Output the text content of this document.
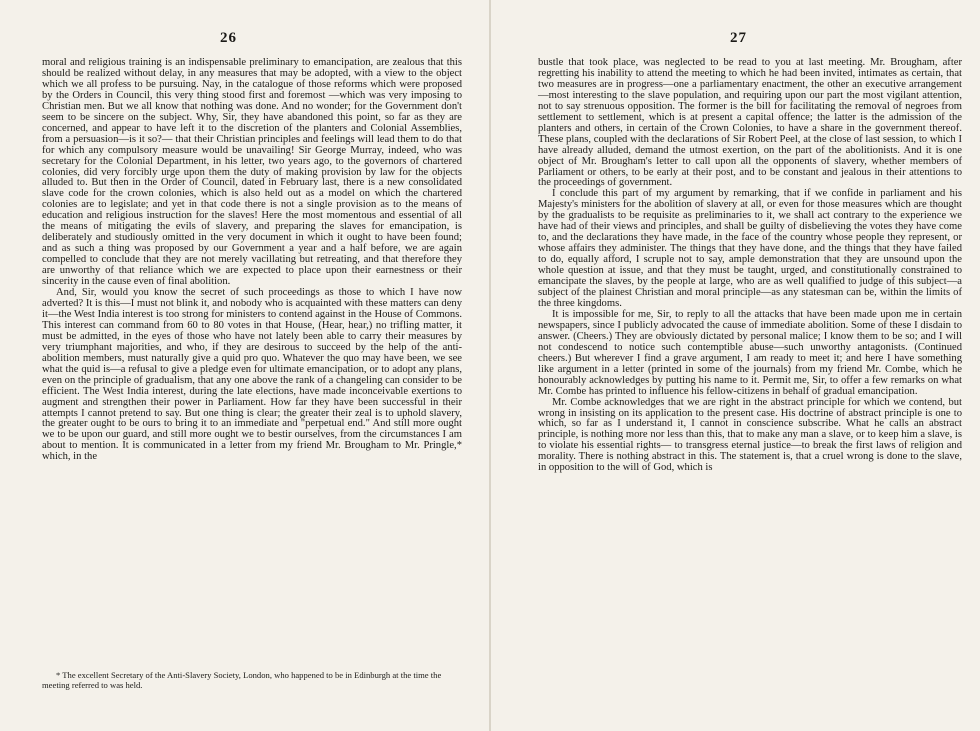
26

moral and religious training is an indispensable preliminary to emancipation, are zealous that this should be realized without delay, in any measures that may be adopted, with a view to the object which we all profess to be pursuing. Nay, in the catalogue of those reforms which were proposed by the Orders in Council, this very thing stood first and foremost —which was very imposing to Christian men. But we all know that nothing was done. And no wonder; for the Government don't seem to be sincere on the subject. Why, Sir, they have abandoned this point, so far as they are concerned, and appear to have left it to the discretion of the planters and Colonial Assemblies, from a persuasion—is it so?— that their Christian principles and feelings will lead them to do that for which any compulsory measure would be unavailing! Sir George Murray, indeed, who was secretary for the Colonial Department, in his letter, two years ago, to the governors of chartered colonies, did very forcibly urge upon them the duty of making provision by law for the objects alluded to. But then in the Order of Council, dated in February last, there is a new consolidated slave code for the crown colonies, which is also held out as a model on which the chartered colonies are to legislate; and yet in that code there is not a single provision as to the means of education and religious instruction for the slaves! Here the most momentous and essential of all the means of mitigating the evils of slavery, and preparing the slaves for emancipation, is deliberately and studiously omitted in the very document in which it ought to have been found; and as such a thing was proposed by our Government a year and a half before, we are again compelled to conclude that they are not merely vacillating but retreating, and that therefore they are unworthy of that reliance which we are expected to place upon their earnestness or their sincerity in the cause even of final abolition.

And, Sir, would you know the secret of such proceedings as those to which I have now adverted? It is this—I must not blink it, and nobody who is acquainted with these matters can deny it—the West India interest is too strong for ministers to contend against in the House of Commons. This interest can command from 60 to 80 votes in that House, (Hear, hear,) no trifling matter, it must be admitted, in the eyes of those who have not lately been able to carry their measures by very triumphant majorities, and who, if they are desirous to succeed by the help of the anti-abolition members, must naturally give a quid pro quo. Whatever the quo may have been, we see what the quid is—a refusal to give a pledge even for ultimate emancipation, or to adopt any plans, even on the principle of gradualism, that any one above the rank of a changeling can consider to be efficient. The West India interest, during the late elections, have made inconceivable exertions to augment and strengthen their power in Parliament. How far they have been successful in their attempts I cannot pretend to say. But one thing is clear; the greater their zeal is to uphold slavery, the greater ought to be ours to bring it to an immediate and "perpetual end." And still more ought we to be upon our guard, and still more ought we to bestir ourselves, from the circumstances I am about to mention. It is communicated in a letter from my friend Mr. Brougham to Mr. Pringle,* which, in the

* The excellent Secretary of the Anti-Slavery Society, London, who happened to be in Edinburgh at the time the meeting referred to was held.

27

bustle that took place, was neglected to be read to you at last meeting. Mr. Brougham, after regretting his inability to attend the meeting to which he had been invited, intimates as certain, that two measures are in progress—one a parliamentary enactment, the other an executive arrangement—most interesting to the slave population, and requiring upon our part the most vigilant attention, not to say strenuous opposition. The former is the bill for facilitating the removal of negroes from settlement to settlement, which is at present a capital offence; the latter is the admission of the planters and others, in certain of the Crown Colonies, to have a share in the government thereof. These plans, coupled with the declarations of Sir Robert Peel, at the close of last session, to which I have already alluded, demand the utmost exertion, on the part of the abolitionists. And it is one object of Mr. Brougham's letter to call upon all the opponents of slavery, whether members of Parliament or others, to be early at their post, and to be constant and jealous in their attentions to the proceedings of government.

I conclude this part of my argument by remarking, that if we confide in parliament and his Majesty's ministers for the abolition of slavery at all, or even for those measures which are thought by the gradualists to be requisite as preliminaries to it, we shall act contrary to the experience we have had of their views and principles, and shall be guilty of disbelieving the votes they have come to, and the declarations they have made, in the face of the country whose people they represent, or whose affairs they administer. The things that they have done, and the things that they have failed to do, equally afford, I scruple not to say, ample demonstration that they are unsound upon the whole question at issue, and that they must be taught, urged, and constitutionally constrained to emancipate the slaves, by the people at large, who are as well qualified to judge of this subject—a subject of the plainest Christian and moral principle—as any statesman can be, within the limits of the three kingdoms.

It is impossible for me, Sir, to reply to all the attacks that have been made upon me in certain newspapers, since I publicly advocated the cause of immediate abolition. Some of these I disdain to answer. (Cheers.) They are obviously dictated by personal malice; I know them to be so; and I will not condescend to notice such contemptible abuse—such unworthy antagonists. (Continued cheers.) But wherever I find a grave argument, I am ready to meet it; and here I have something like argument in a letter (printed in some of the journals) from my friend Mr. Combe, which he honourably acknowledges by putting his name to it. Permit me, Sir, to offer a few remarks on what Mr. Combe has printed to influence his fellow-citizens in behalf of gradual emancipation.

Mr. Combe acknowledges that we are right in the abstract principle for which we contend, but wrong in insisting on its application to the present case. His doctrine of abstract principle is one to which, so far as I understand it, I cannot in conscience subscribe. What he calls an abstract principle, is nothing more nor less than this, that to make any man a slave, or to keep him a slave, is to violate his essential rights— to transgress eternal justice—to break the first laws of religion and morality. There is nothing abstract in this. The statement is, that a cruel wrong is done to the slave, in opposition to the will of God, which is
